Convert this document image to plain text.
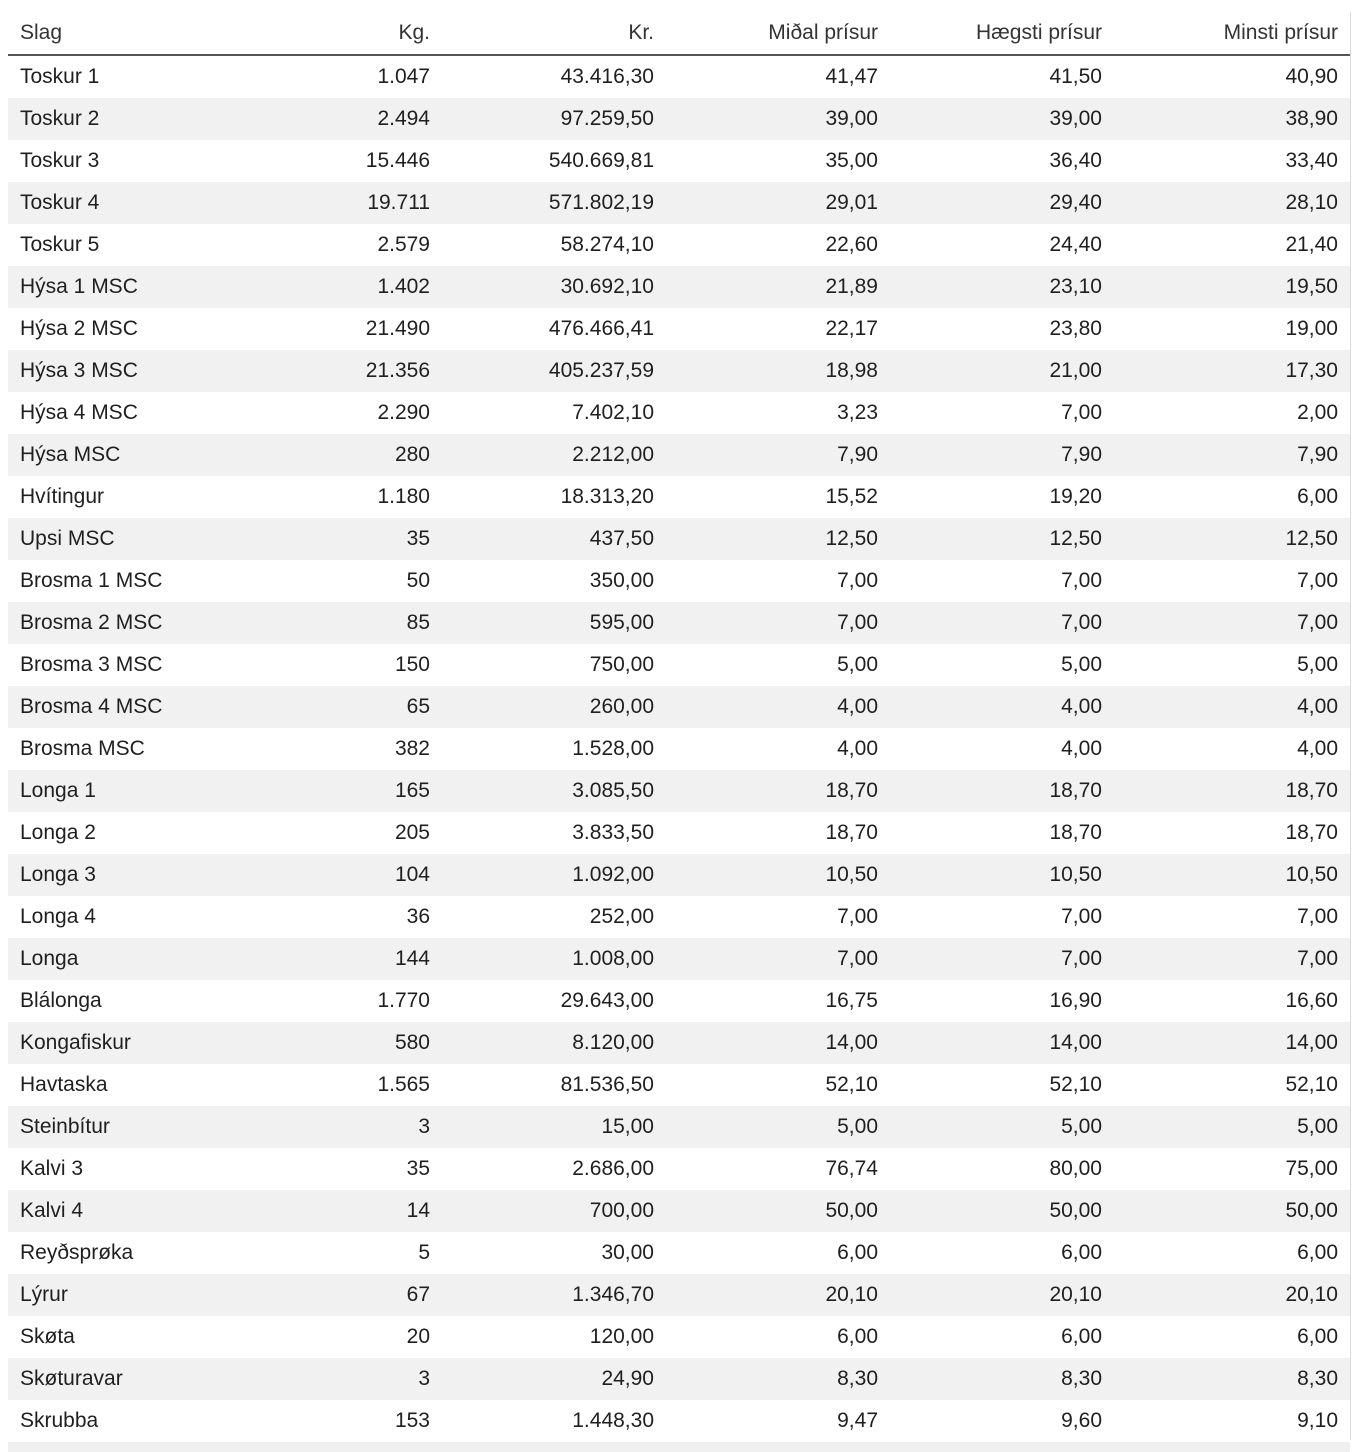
Slag	Kg.	Kr.	Miðal prísur	Hægsti prísur	Minsti prísur
Toskur 1	1.047	43.416,30	41,47	41,50	40,90
Toskur 2	2.494	97.259,50	39,00	39,00	38,90
Toskur 3	15.446	540.669,81	35,00	36,40	33,40
Toskur 4	19.711	571.802,19	29,01	29,40	28,10
Toskur 5	2.579	58.274,10	22,60	24,40	21,40
Hýsa 1 MSC	1.402	30.692,10	21,89	23,10	19,50
Hýsa 2 MSC	21.490	476.466,41	22,17	23,80	19,00
Hýsa 3 MSC	21.356	405.237,59	18,98	21,00	17,30
Hýsa 4 MSC	2.290	7.402,10	3,23	7,00	2,00
Hýsa MSC	280	2.212,00	7,90	7,90	7,90
Hvítingur	1.180	18.313,20	15,52	19,20	6,00
Upsi MSC	35	437,50	12,50	12,50	12,50
Brosma 1 MSC	50	350,00	7,00	7,00	7,00
Brosma 2 MSC	85	595,00	7,00	7,00	7,00
Brosma 3 MSC	150	750,00	5,00	5,00	5,00
Brosma 4 MSC	65	260,00	4,00	4,00	4,00
Brosma MSC	382	1.528,00	4,00	4,00	4,00
Longa 1	165	3.085,50	18,70	18,70	18,70
Longa 2	205	3.833,50	18,70	18,70	18,70
Longa 3	104	1.092,00	10,50	10,50	10,50
Longa 4	36	252,00	7,00	7,00	7,00
Longa	144	1.008,00	7,00	7,00	7,00
Blálonga	1.770	29.643,00	16,75	16,90	16,60
Kongafiskur	580	8.120,00	14,00	14,00	14,00
Havtaska	1.565	81.536,50	52,10	52,10	52,10
Steinbítur	3	15,00	5,00	5,00	5,00
Kalvi 3	35	2.686,00	76,74	80,00	75,00
Kalvi 4	14	700,00	50,00	50,00	50,00
Reyðsprøka	5	30,00	6,00	6,00	6,00
Lýrur	67	1.346,70	20,10	20,10	20,10
Skøta	20	120,00	6,00	6,00	6,00
Skøturavar	3	24,90	8,30	8,30	8,30
Skrubba	153	1.448,30	9,47	9,60	9,10
